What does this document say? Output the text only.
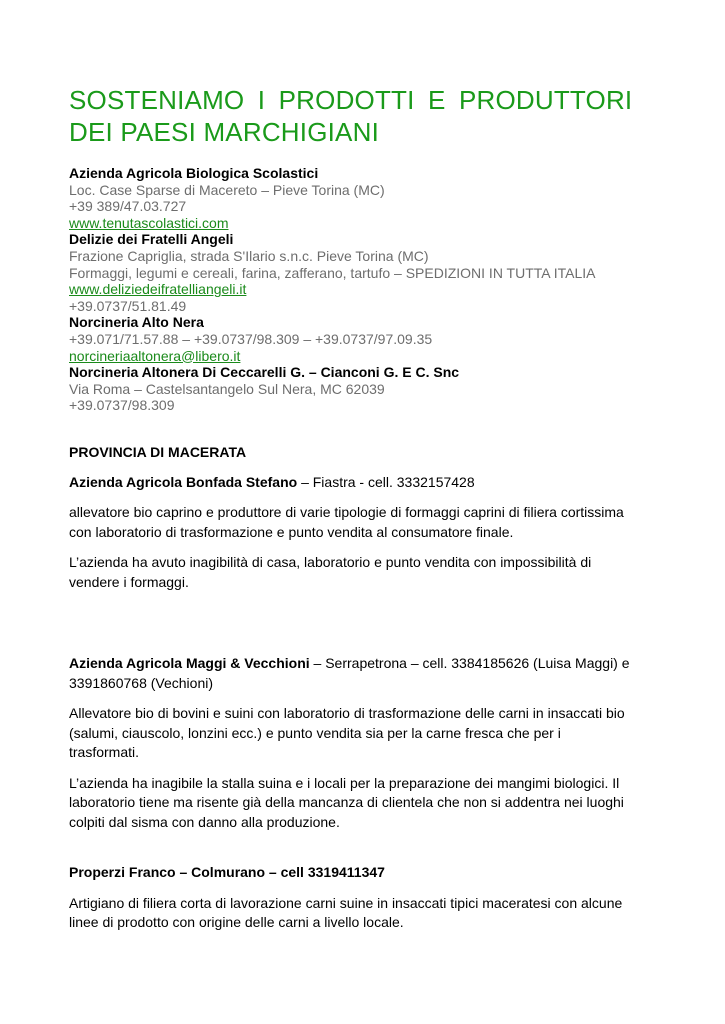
SOSTENIAMO I PRODOTTI E PRODUTTORI
DEI PAESI MARCHIGIANI

Azienda Agricola Biologica Scolastici

Loc. Case Sparse di Macereto – Pieve Torina (MC)

+39 389/47.03.727

www.tenutascolastici.com

Delizie dei Fratelli Angeli

Frazione Capriglia, strada S'Ilario s.n.c. Pieve Torina (MC)

Formaggi, legumi e cereali, farina, zafferano, tartufo – SPEDIZIONI IN TUTTA ITALIA

www.deliziedeifratelliangeli.it

+39.0737/51.81.49

Norcineria Alto Nera

+39.071/71.57.88 – +39.0737/98.309 – +39.0737/97.09.35

norcineriaaltonera@libero.it

Norcineria Altonera Di Ceccarelli G. – Cianconi G. E C. Snc

Via Roma – Castelsantangelo Sul Nera, MC 62039

+39.0737/98.309

PROVINCIA DI MACERATA

Azienda Agricola Bonfada Stefano – Fiastra - cell. 3332157428

allevatore bio caprino e produttore di varie tipologie di formaggi caprini di filiera cortissima
con laboratorio di trasformazione e punto vendita al consumatore finale.

L’azienda ha avuto inagibilità di casa, laboratorio e punto vendita con impossibilità di
vendere i formaggi.

Azienda Agricola Maggi & Vecchioni – Serrapetrona – cell. 3384185626 (Luisa Maggi) e

3391860768 (Vechioni)

Allevatore bio di bovini e suini con laboratorio di trasformazione delle carni in insaccati bio
(salumi, ciauscolo, lonzini ecc.) e punto vendita sia per la carne fresca che per i
trasformati.

L’azienda ha inagibile la stalla suina e i locali per la preparazione dei mangimi biologici. Il
laboratorio tiene ma risente già della mancanza di clientela che non si addentra nei luoghi
colpiti dal sisma con danno alla produzione.

Properzi Franco – Colmurano – cell 3319411347

Artigiano di filiera corta di lavorazione carni suine in insaccati tipici maceratesi con alcune
linee di prodotto con origine delle carni a livello locale.
